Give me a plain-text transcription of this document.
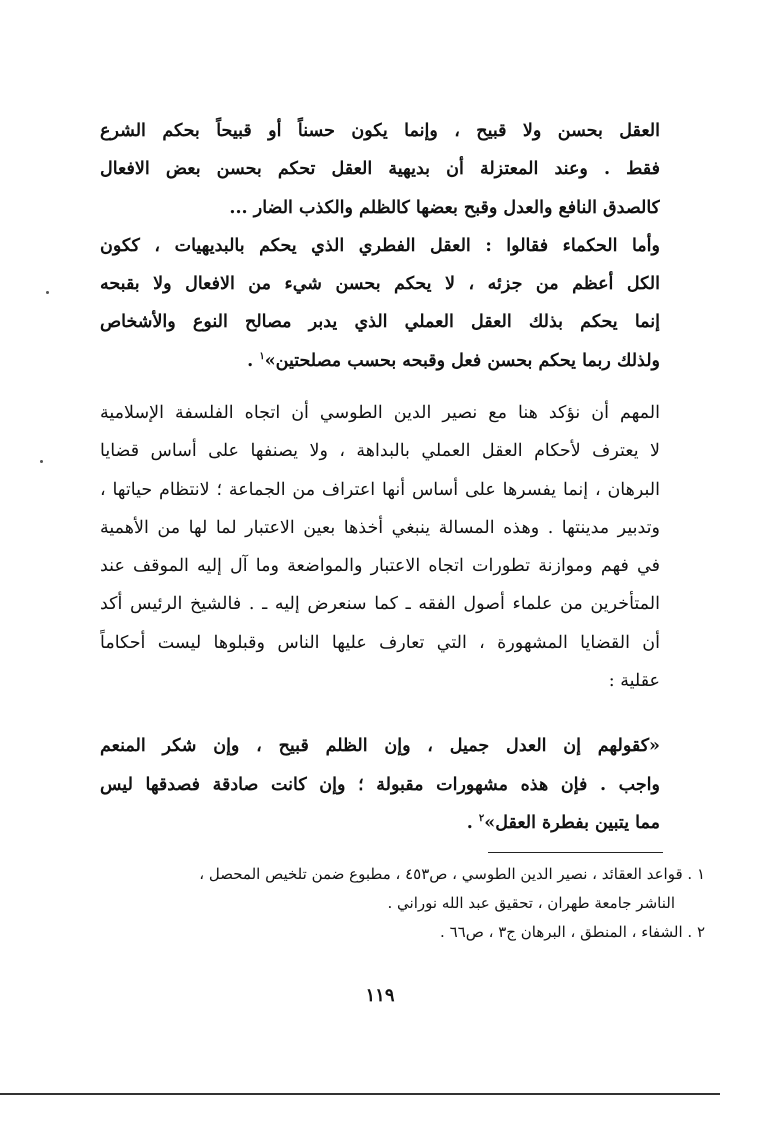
العقل بحسن ولا قبيح ، وإنما يكون حسناً أو قبيحاً بحكم الشرع
فقط . وعند المعتزلة أن بديهية العقل تحكم بحسن بعض الافعال
كالصدق النافع والعدل وقبح بعضها كالظلم والكذب الضار ...
وأما الحكماء فقالوا : العقل الفطري الذي يحكم بالبديهيات ، ككون
الكل أعظم من جزئه ، لا يحكم بحسن شيء من الافعال ولا بقبحه
إنما يحكم بذلك العقل العملي الذي يدبر مصالح النوع والأشخاص
ولذلك ربما يحكم بحسن فعل وقبحه بحسب مصلحتين»$^١$ .
المهم أن نؤكد هنا مع نصير الدين الطوسي أن اتجاه الفلسفة الإسلامية
لا يعترف لأحكام العقل العملي بالبداهة ، ولا يصنفها على أساس قضايا
البرهان ، إنما يفسرها على أساس أنها اعتراف من الجماعة ؛ لانتظام حياتها ،
وتدبير مدينتها . وهذه المسالة ينبغي أخذها بعين الاعتبار لما لها من الأهمية
في فهم وموازنة تطورات اتجاه الاعتبار والمواضعة وما آل إليه الموقف عند
المتأخرين من علماء أصول الفقه ـ كما سنعرض إليه ـ . فالشيخ الرئيس أكد
أن القضايا المشهورة ، التي تعارف عليها الناس وقبلوها ليست أحكاماً
عقلية :
«كقولهم إن العدل جميل ، وإن الظلم قبيح ، وإن شكر المنعم
واجب . فإن هذه مشهورات مقبولة ؛ وإن كانت صادقة فصدقها ليس
مما يتبين بفطرة العقل»$^٢$ .
١ . قواعد العقائد ، نصير الدين الطوسي ، ص٤٥٣ ، مطبوع ضمن تلخيص المحصل ،
الناشر جامعة طهران ، تحقيق عبد الله نوراني .
٢ . الشفاء ، المنطق ، البرهان ج٣ ، ص٦٦ .
١١٩
